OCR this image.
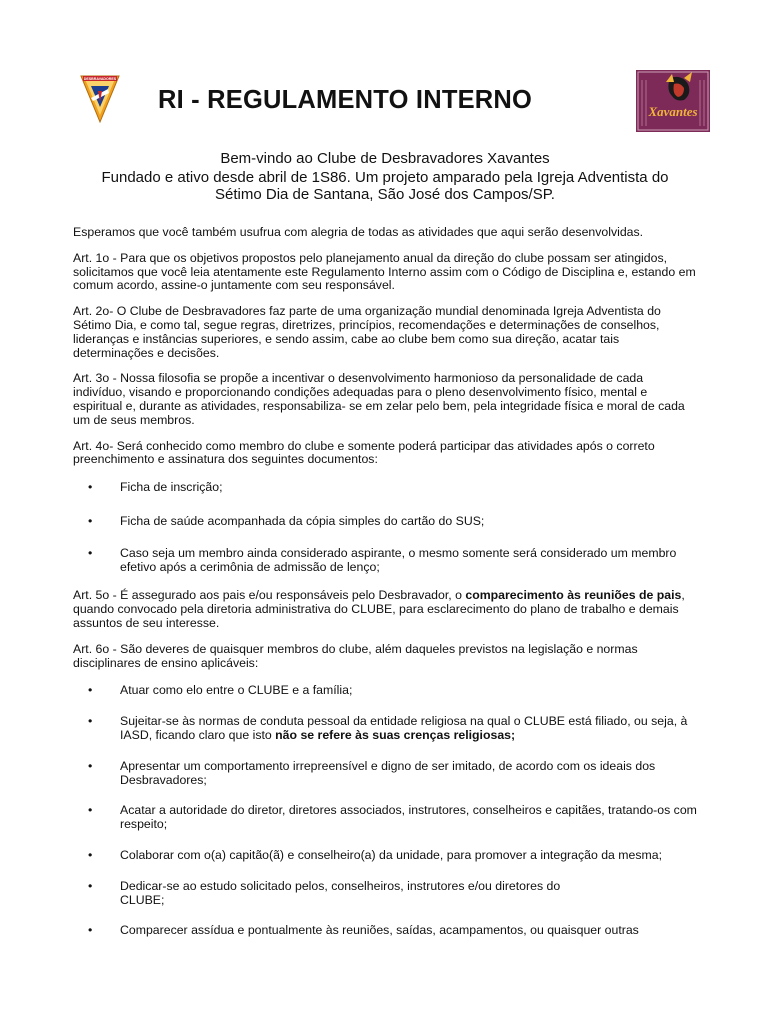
DESBRAVADORES
RI - REGULAMENTO INTERNO	Xavantes
Bem-vindo ao Clube de Desbravadores Xavantes
Fundado e ativo desde abril de 1S86. Um projeto amparado pela Igreja Adventista do
Sétimo Dia de Santana, São José dos Campos/SP.

Esperamos que você também usufrua com alegria de todas as atividades que aqui serão desenvolvidas.

Art. 1o - Para que os objetivos propostos pelo planejamento anual da direção do clube possam ser atingidos, solicitamos que você leia atentamente este Regulamento Interno assim com o Código de Disciplina e, estando em comum acordo, assine-o juntamente com seu responsável.

Art. 2o- O Clube de Desbravadores faz parte de uma organização mundial denominada Igreja Adventista do Sétimo Dia, e como tal, segue regras, diretrizes, princípios, recomendações e determinações de conselhos, lideranças e instâncias superiores, e sendo assim, cabe ao clube bem como sua direção, acatar tais determinações e decisões.

Art. 3o - Nossa filosofia se propõe a incentivar o desenvolvimento harmonioso da personalidade de cada indivíduo, visando e proporcionando condições adequadas para o pleno desenvolvimento físico, mental e espiritual e, durante as atividades, responsabiliza- se em zelar pelo bem, pela integridade física e moral de cada um de seus membros.

Art. 4o- Será conhecido como membro do clube e somente poderá participar das atividades após o correto preenchimento e assinatura dos seguintes documentos:

• Ficha de inscrição;
• Ficha de saúde acompanhada da cópia simples do cartão do SUS;
• Caso seja um membro ainda considerado aspirante, o mesmo somente será considerado um membro efetivo após a cerimônia de admissão de lenço;

Art. 5o - É assegurado aos pais e/ou responsáveis pelo Desbravador, o comparecimento às reuniões de pais, quando convocado pela diretoria administrativa do CLUBE, para esclarecimento do plano de trabalho e demais assuntos de seu interesse.

Art. 6o - São deveres de quaisquer membros do clube, além daqueles previstos na legislação e normas disciplinares de ensino aplicáveis:

• Atuar como elo entre o CLUBE e a família;
• Sujeitar-se às normas de conduta pessoal da entidade religiosa na qual o CLUBE está filiado, ou seja, à IASD, ficando claro que isto não se refere às suas crenças religiosas;
• Apresentar um comportamento irrepreensível e digno de ser imitado, de acordo com os ideais dos Desbravadores;
• Acatar a autoridade do diretor, diretores associados, instrutores, conselheiros e capitães, tratando-os com respeito;
• Colaborar com o(a) capitão(ã) e conselheiro(a) da unidade, para promover a integração da mesma;
• Dedicar-se ao estudo solicitado pelos, conselheiros, instrutores e/ou diretores do CLUBE;
• Comparecer assídua e pontualmente às reuniões, saídas, acampamentos, ou quaisquer outras
